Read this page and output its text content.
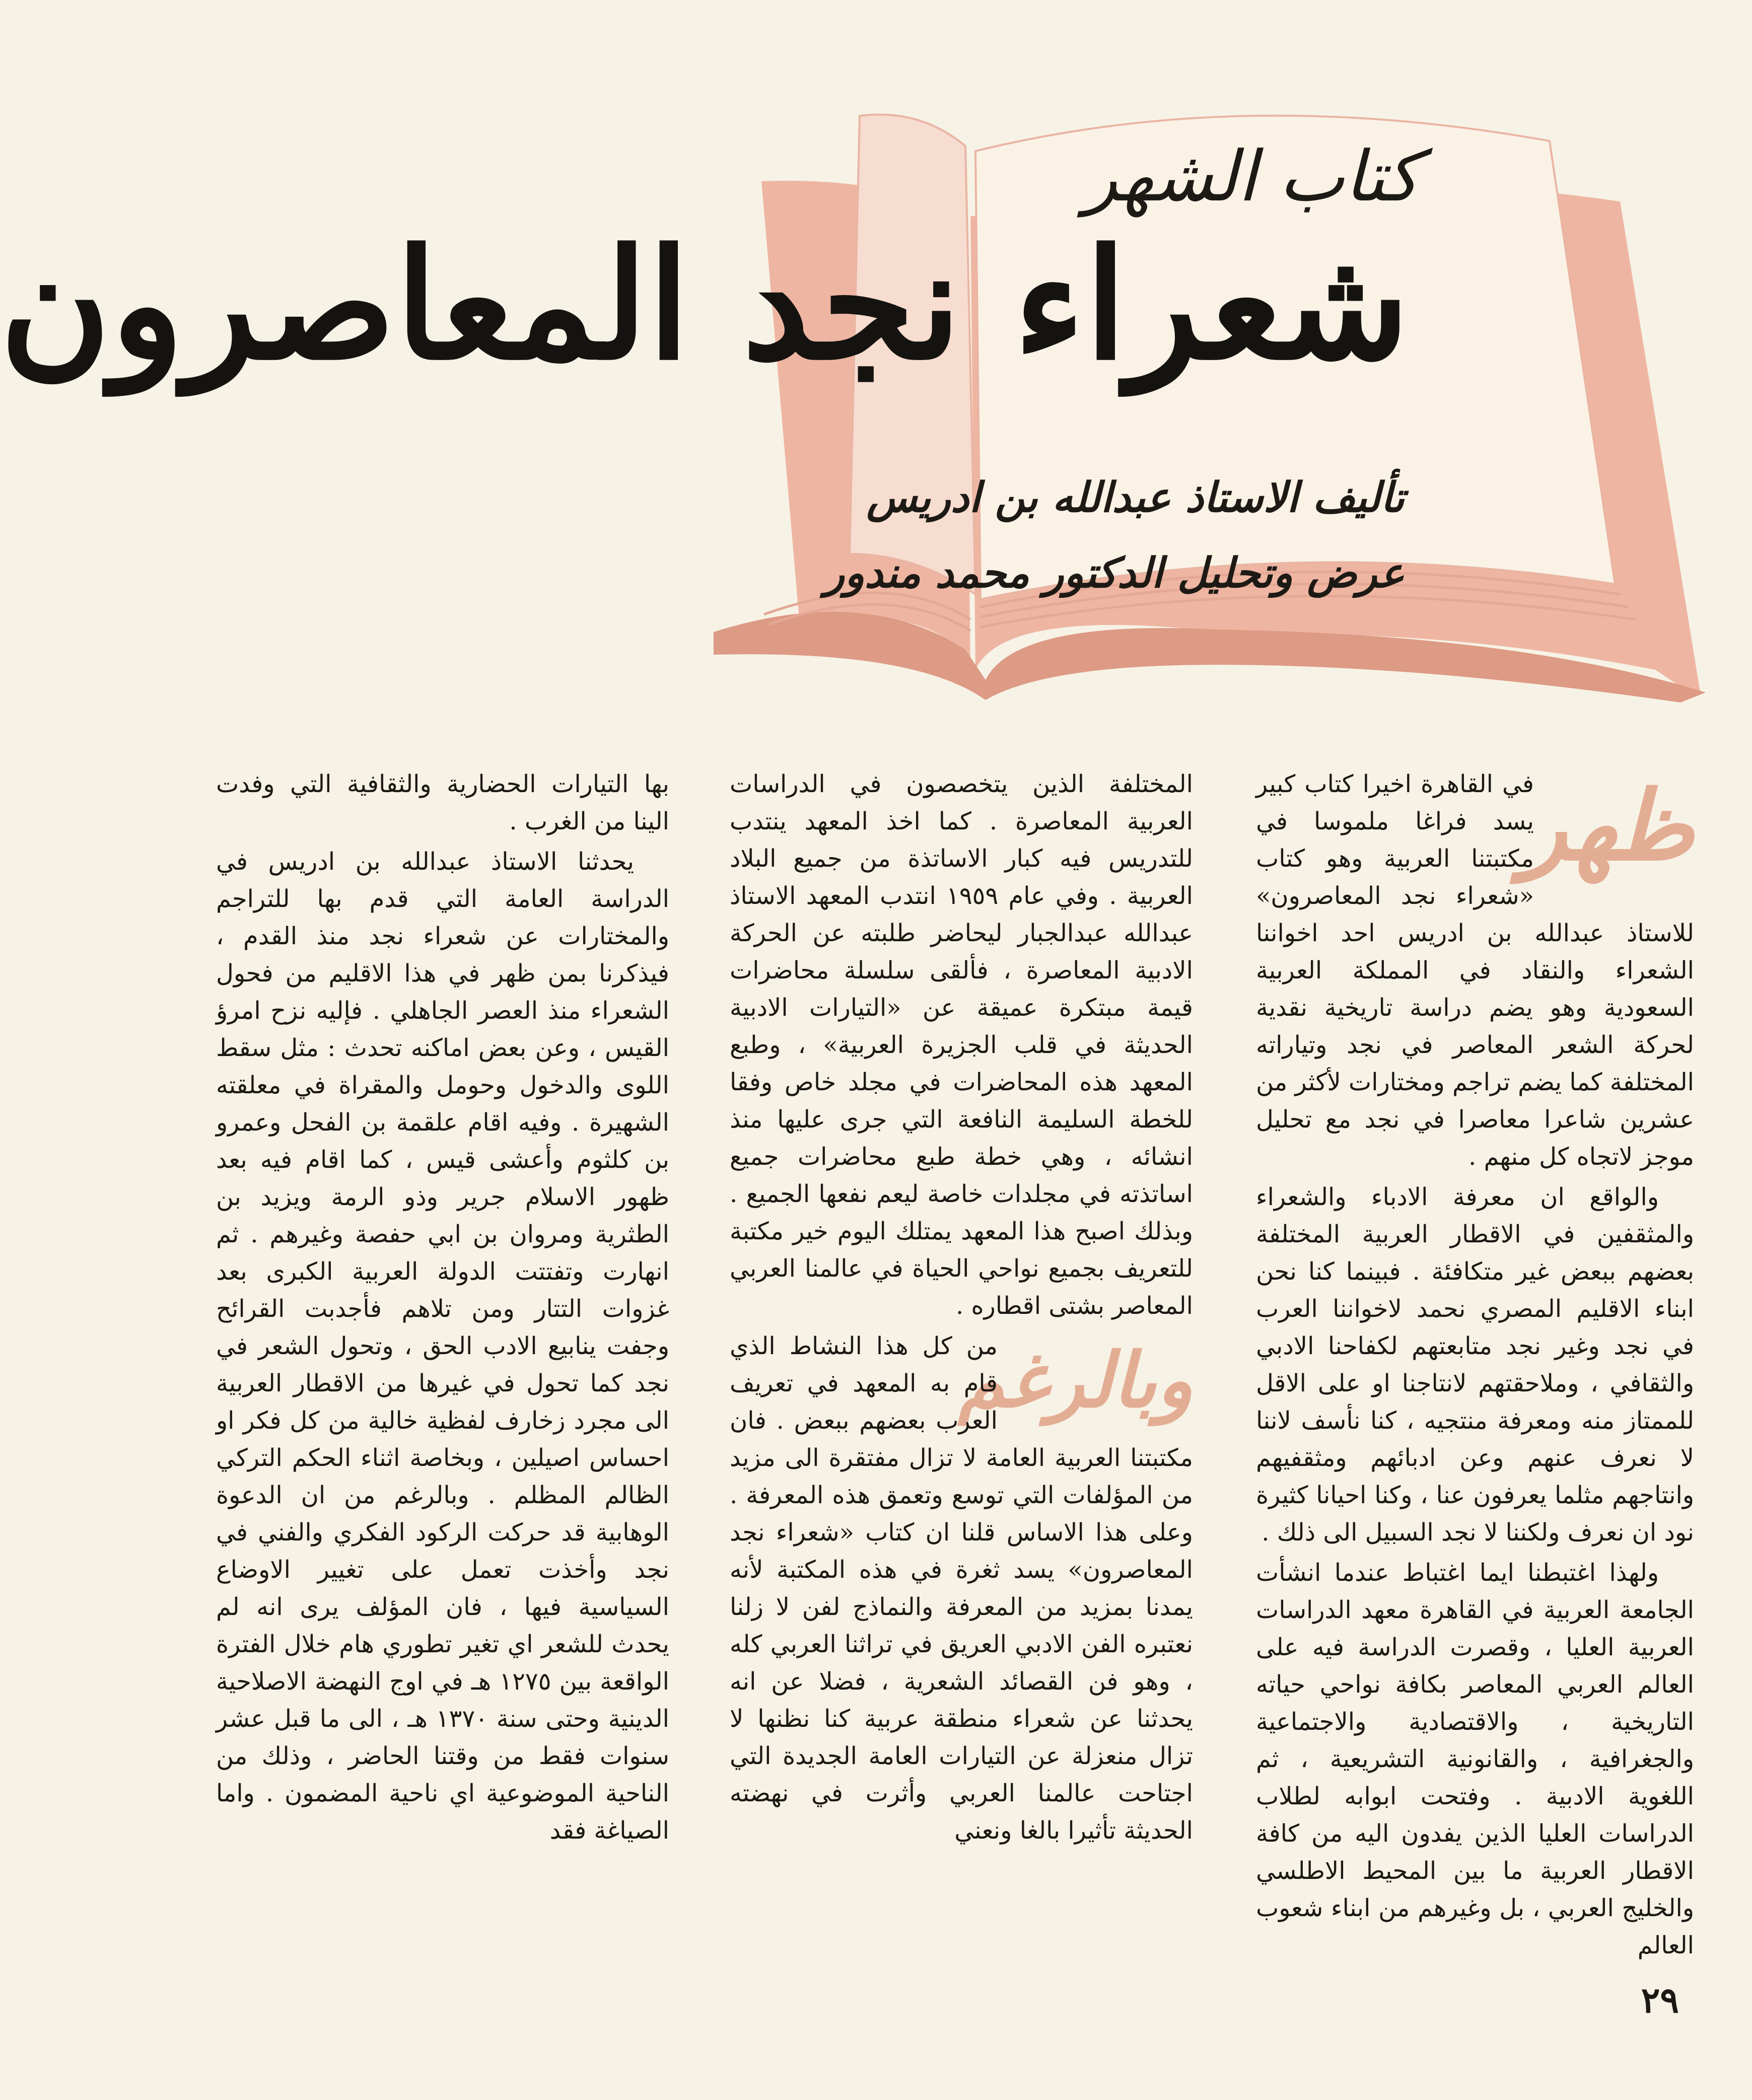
كتاب الشهر
شعراء نجد المعاصرون
تأليف الاستاذ عبدالله بن ادريس
عرض وتحليل الدكتور محمد مندور
ظهر

في القاهرة اخيرا كتاب كبير يسد فراغا ملموسا في مكتبتنا العربية وهو كتاب «شعراء نجد المعاصرون» للاستاذ عبدالله بن ادريس احد اخواننا الشعراء والنقاد في المملكة العربية السعودية وهو يضم دراسة تاريخية نقدية لحركة الشعر المعاصر في نجد وتياراته المختلفة كما يضم تراجم ومختارات لأكثر من عشرين شاعرا معاصرا في نجد مع تحليل موجز لاتجاه كل منهم .

والواقع ان معرفة الادباء والشعراء والمثقفين في الاقطار العربية المختلفة بعضهم ببعض غير متكافئة . فبينما كنا نحن ابناء الاقليم المصري نحمد لاخواننا العرب في نجد وغير نجد متابعتهم لكفاحنا الادبي والثقافي ، وملاحقتهم لانتاجنا او على الاقل للممتاز منه ومعرفة منتجيه ، كنا نأسف لاننا لا نعرف عنهم وعن ادبائهم ومثقفيهم وانتاجهم مثلما يعرفون عنا ، وكنا احيانا كثيرة نود ان نعرف ولكننا لا نجد السبيل الى ذلك .

ولهذا اغتبطنا ايما اغتباط عندما انشأت الجامعة العربية في القاهرة معهد الدراسات العربية العليا ، وقصرت الدراسة فيه على العالم العربي المعاصر بكافة نواحي حياته التاريخية ، والاقتصادية والاجتماعية والجغرافية ، والقانونية التشريعية ، ثم اللغوية الادبية . وفتحت ابوابه لطلاب الدراسات العليا الذين يفدون اليه من كافة الاقطار العربية ما بين المحيط الاطلسي والخليج العربي ، بل وغيرهم من ابناء شعوب العالم

المختلفة الذين يتخصصون في الدراسات العربية المعاصرة . كما اخذ المعهد ينتدب للتدريس فيه كبار الاساتذة من جميع البلاد العربية . وفي عام ١٩٥٩ انتدب المعهد الاستاذ عبدالله عبدالجبار ليحاضر طلبته عن الحركة الادبية المعاصرة ، فألقى سلسلة محاضرات قيمة مبتكرة عميقة عن «التيارات الادبية الحديثة في قلب الجزيرة العربية» ، وطبع المعهد هذه المحاضرات في مجلد خاص وفقا للخطة السليمة النافعة التي جرى عليها منذ انشائه ، وهي خطة طبع محاضرات جميع اساتذته في مجلدات خاصة ليعم نفعها الجميع . وبذلك اصبح هذا المعهد يمتلك اليوم خير مكتبة للتعريف بجميع نواحي الحياة في عالمنا العربي المعاصر بشتى اقطاره .

وبالرغم

من كل هذا النشاط الذي قام به المعهد في تعريف العرب بعضهم ببعض . فان مكتبتنا العربية العامة لا تزال مفتقرة الى مزيد من المؤلفات التي توسع وتعمق هذه المعرفة . وعلى هذا الاساس قلنا ان كتاب «شعراء نجد المعاصرون» يسد ثغرة في هذه المكتبة لأنه يمدنا بمزيد من المعرفة والنماذج لفن لا زلنا نعتبره الفن الادبي العريق في تراثنا العربي كله ، وهو فن القصائد الشعرية ، فضلا عن انه يحدثنا عن شعراء منطقة عربية كنا نظنها لا تزال منعزلة عن التيارات العامة الجديدة التي اجتاحت عالمنا العربي وأثرت في نهضته الحديثة تأثيرا بالغا ونعني

بها التيارات الحضارية والثقافية التي وفدت الينا من الغرب .

يحدثنا الاستاذ عبدالله بن ادريس في الدراسة العامة التي قدم بها للتراجم والمختارات عن شعراء نجد منذ القدم ، فيذكرنا بمن ظهر في هذا الاقليم من فحول الشعراء منذ العصر الجاهلي . فإليه نزح امرؤ القيس ، وعن بعض اماكنه تحدث : مثل سقط اللوى والدخول وحومل والمقراة في معلقته الشهيرة . وفيه اقام علقمة بن الفحل وعمرو بن كلثوم وأعشى قيس ، كما اقام فيه بعد ظهور الاسلام جرير وذو الرمة ويزيد بن الطثرية ومروان بن ابي حفصة وغيرهم . ثم انهارت وتفتتت الدولة العربية الكبرى بعد غزوات التتار ومن تلاهم فأجدبت القرائح وجفت ينابيع الادب الحق ، وتحول الشعر في نجد كما تحول في غيرها من الاقطار العربية الى مجرد زخارف لفظية خالية من كل فكر او احساس اصيلين ، وبخاصة اثناء الحكم التركي الظالم المظلم . وبالرغم من ان الدعوة الوهابية قد حركت الركود الفكري والفني في نجد وأخذت تعمل على تغيير الاوضاع السياسية فيها ، فان المؤلف يرى انه لم يحدث للشعر اي تغير تطوري هام خلال الفترة الواقعة بين ١٢٧٥ هـ في اوج النهضة الاصلاحية الدينية وحتى سنة ١٣٧٠ هـ ، الى ما قبل عشر سنوات فقط من وقتنا الحاضر ، وذلك من الناحية الموضوعية اي ناحية المضمون . واما الصياغة فقد

٢٩
